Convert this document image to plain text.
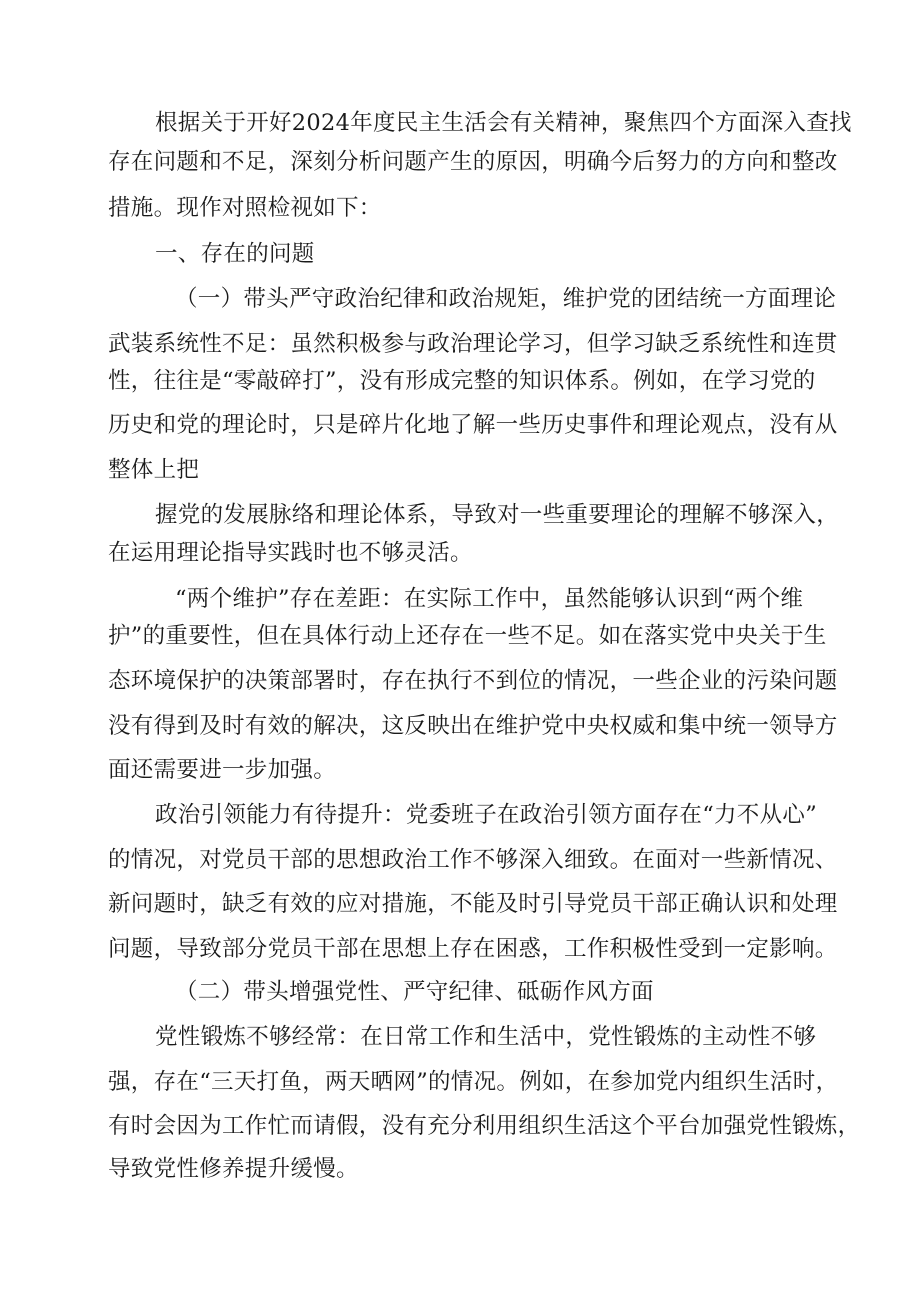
根据关于开好2024年度民主生活会有关精神，聚焦四个方面深入查找
存在问题和不足，深刻分析问题产生的原因，明确今后努力的方向和整改
措施。现作对照检视如下：
一、存在的问题
（一）带头严守政治纪律和政治规矩，维护党的团结统一方面理论
武装系统性不足：虽然积极参与政治理论学习，但学习缺乏系统性和连贯
性，往往是“零敲碎打”，没有形成完整的知识体系。例如，在学习党的
历史和党的理论时，只是碎片化地了解一些历史事件和理论观点，没有从
整体上把
握党的发展脉络和理论体系，导致对一些重要理论的理解不够深入，
在运用理论指导实践时也不够灵活。
“两个维护”存在差距：在实际工作中，虽然能够认识到“两个维
护”的重要性，但在具体行动上还存在一些不足。如在落实党中央关于生
态环境保护的决策部署时，存在执行不到位的情况，一些企业的污染问题
没有得到及时有效的解决，这反映出在维护党中央权威和集中统一领导方
面还需要进一步加强。
政治引领能力有待提升：党委班子在政治引领方面存在“力不从心”
的情况，对党员干部的思想政治工作不够深入细致。在面对一些新情况、
新问题时，缺乏有效的应对措施，不能及时引导党员干部正确认识和处理
问题，导致部分党员干部在思想上存在困惑，工作积极性受到一定影响。
（二）带头增强党性、严守纪律、砥砺作风方面
党性锻炼不够经常：在日常工作和生活中，党性锻炼的主动性不够
强，存在“三天打鱼，两天晒网”的情况。例如，在参加党内组织生活时，
有时会因为工作忙而请假，没有充分利用组织生活这个平台加强党性锻炼，
导致党性修养提升缓慢。
